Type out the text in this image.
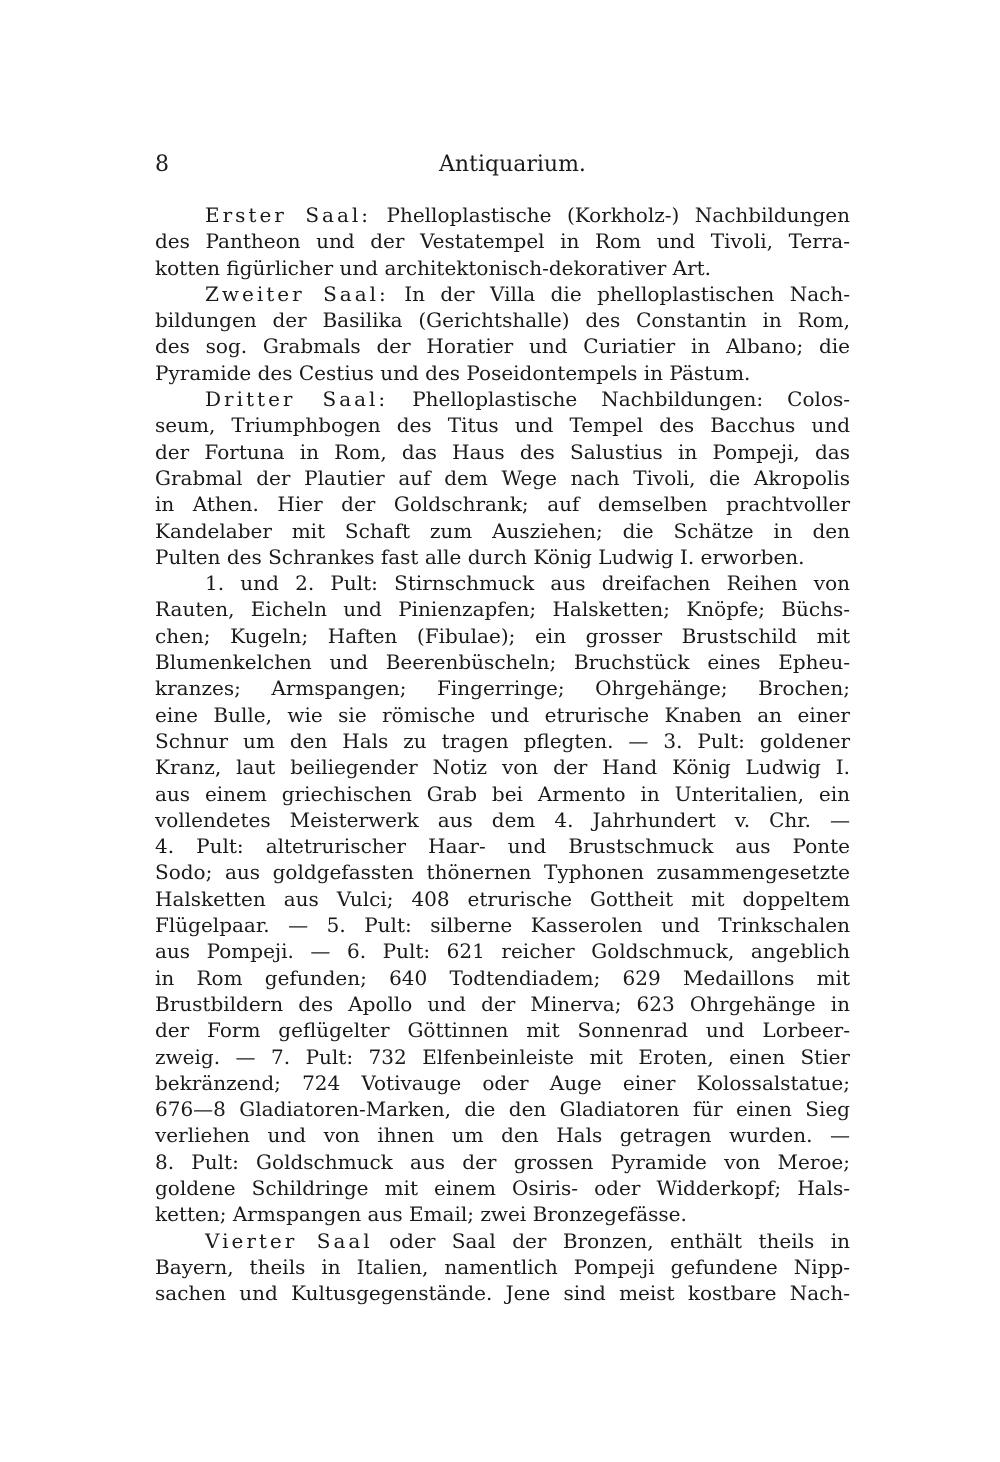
8	Antiquarium.
Erster Saal: Phelloplastische (Korkholz-) Nachbildungen
des Pantheon und der Vestatempel in Rom und Tivoli, Terra-
kotten figürlicher und architektonisch-dekorativer Art.
Zweiter Saal: In der Villa die phelloplastischen Nach-
bildungen der Basilika (Gerichtshalle) des Constantin in Rom,
des sog. Grabmals der Horatier und Curiatier in Albano; die
Pyramide des Cestius und des Poseidontempels in Pästum.
Dritter Saal: Phelloplastische Nachbildungen: Colos-
seum, Triumphbogen des Titus und Tempel des Bacchus und
der Fortuna in Rom, das Haus des Salustius in Pompeji, das
Grabmal der Plautier auf dem Wege nach Tivoli, die Akropolis
in Athen. Hier der Goldschrank; auf demselben prachtvoller
Kandelaber mit Schaft zum Ausziehen; die Schätze in den
Pulten des Schrankes fast alle durch König Ludwig I. erworben.
1. und 2. Pult: Stirnschmuck aus dreifachen Reihen von
Rauten, Eicheln und Pinienzapfen; Halsketten; Knöpfe; Büchs-
chen; Kugeln; Haften (Fibulae); ein grosser Brustschild mit
Blumenkelchen und Beerenbüscheln; Bruchstück eines Epheu-
kranzes; Armspangen; Fingerringe; Ohrgehänge; Brochen;
eine Bulle, wie sie römische und etrurische Knaben an einer
Schnur um den Hals zu tragen pflegten. — 3. Pult: goldener
Kranz, laut beiliegender Notiz von der Hand König Ludwig I.
aus einem griechischen Grab bei Armento in Unteritalien, ein
vollendetes Meisterwerk aus dem 4. Jahrhundert v. Chr. —
4. Pult: altetrurischer Haar- und Brustschmuck aus Ponte
Sodo; aus goldgefassten thönernen Typhonen zusammengesetzte
Halsketten aus Vulci; 408 etrurische Gottheit mit doppeltem
Flügelpaar. — 5. Pult: silberne Kasserolen und Trinkschalen
aus Pompeji. — 6. Pult: 621 reicher Goldschmuck, angeblich
in Rom gefunden; 640 Todtendiadem; 629 Medaillons mit
Brustbildern des Apollo und der Minerva; 623 Ohrgehänge in
der Form geflügelter Göttinnen mit Sonnenrad und Lorbeer-
zweig. — 7. Pult: 732 Elfenbeinleiste mit Eroten, einen Stier
bekränzend; 724 Votivauge oder Auge einer Kolossalstatue;
676—8 Gladiatoren-Marken, die den Gladiatoren für einen Sieg
verliehen und von ihnen um den Hals getragen wurden. —
8. Pult: Goldschmuck aus der grossen Pyramide von Meroe;
goldene Schildringe mit einem Osiris- oder Widderkopf; Hals-
ketten; Armspangen aus Email; zwei Bronzegefässe.
Vierter Saal oder Saal der Bronzen, enthält theils in
Bayern, theils in Italien, namentlich Pompeji gefundene Nipp-
sachen und Kultusgegenstände. Jene sind meist kostbare Nach-
